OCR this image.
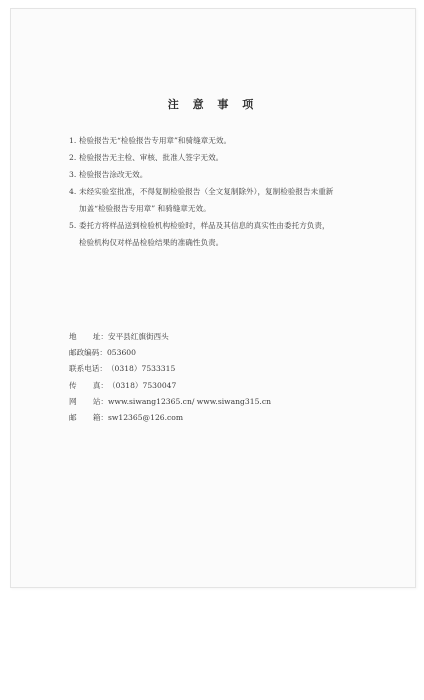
注 意 事 项
1. 检验报告无“检验报告专用章”和骑缝章无效。
2. 检验报告无主检、审核、批准人签字无效。
3. 检验报告涂改无效。
4. 未经实验室批准，不得复制检验报告（全文复制除外），复制检验报告未重新
加盖“检验报告专用章” 和骑缝章无效。
5. 委托方将样品送到检验机构检验时，样品及其信息的真实性由委托方负责，
检验机构仅对样品检验结果的准确性负责。
地 址： 安平县红旗街西头
邮政编码： 053600
联系电话： （0318）7533315
传 真： （0318）7530047
网 站： www.siwang12365.cn/ www.siwang315.cn
邮 箱： sw12365@126.com
